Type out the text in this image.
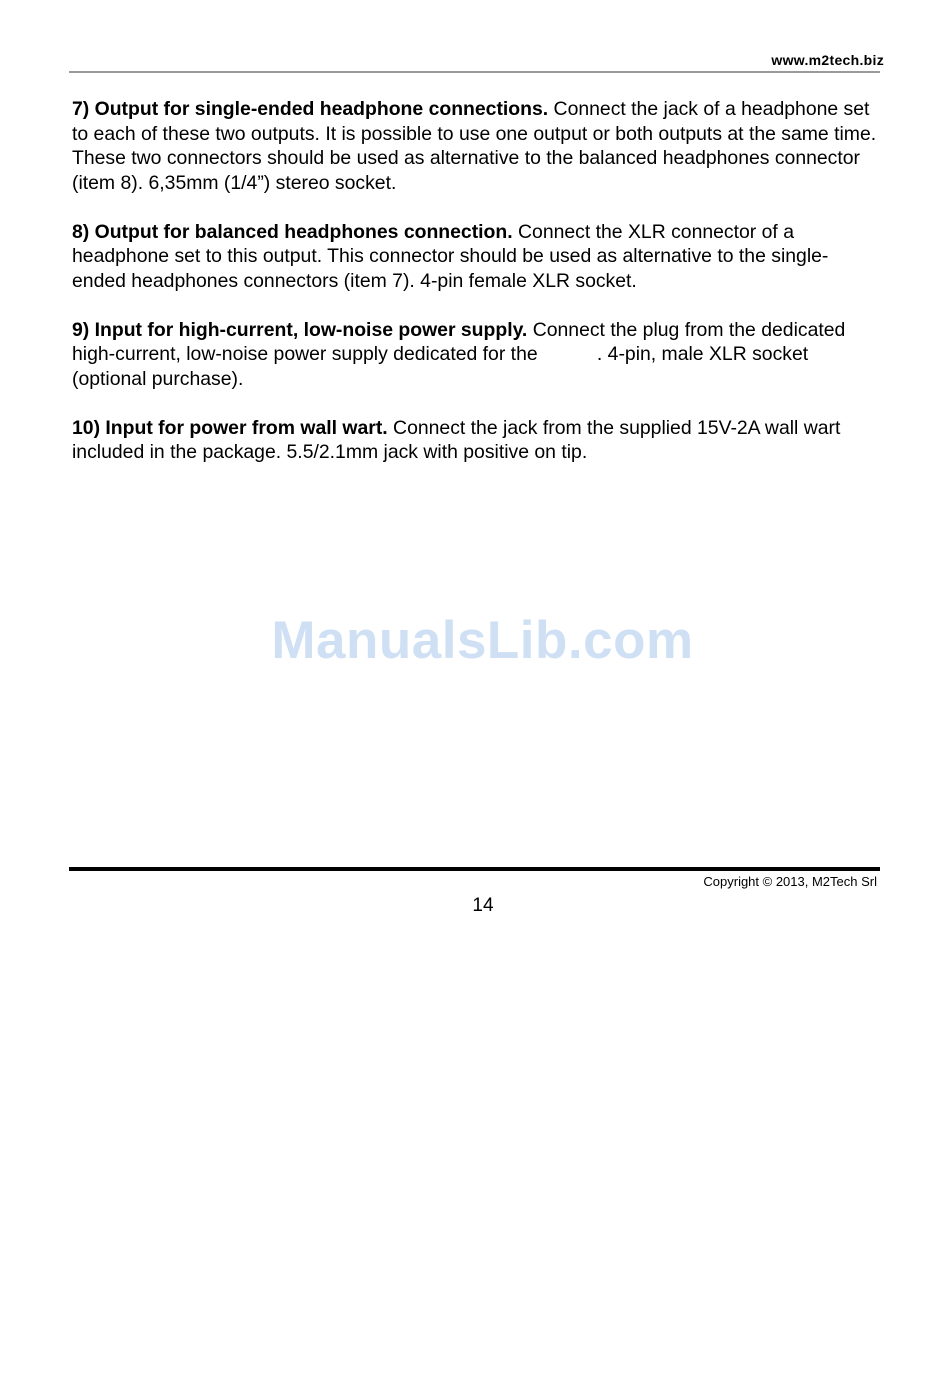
www.m2tech.biz

7) Output for single-ended headphone connections. Connect the jack of a headphone set to each of these two outputs. It is possible to use one output or both outputs at the same time. These two connectors should be used as alternative to the balanced headphones connector (item 8). 6,35mm (1/4”) stereo socket.

8) Output for balanced headphones connection. Connect the XLR connector of a headphone set to this output. This connector should be used as alternative to the single-ended headphones connectors (item 7). 4-pin female XLR socket.

9) Input for high-current, low-noise power supply. Connect the plug from the dedicated high-current, low-noise power supply dedicated for the           . 4-pin, male XLR socket (optional purchase).

10) Input for power from wall wart. Connect the jack from the supplied 15V-2A wall wart included in the package. 5.5/2.1mm jack with positive on tip.

ManualsLib.com
Copyright © 2013, M2Tech Srl
14
